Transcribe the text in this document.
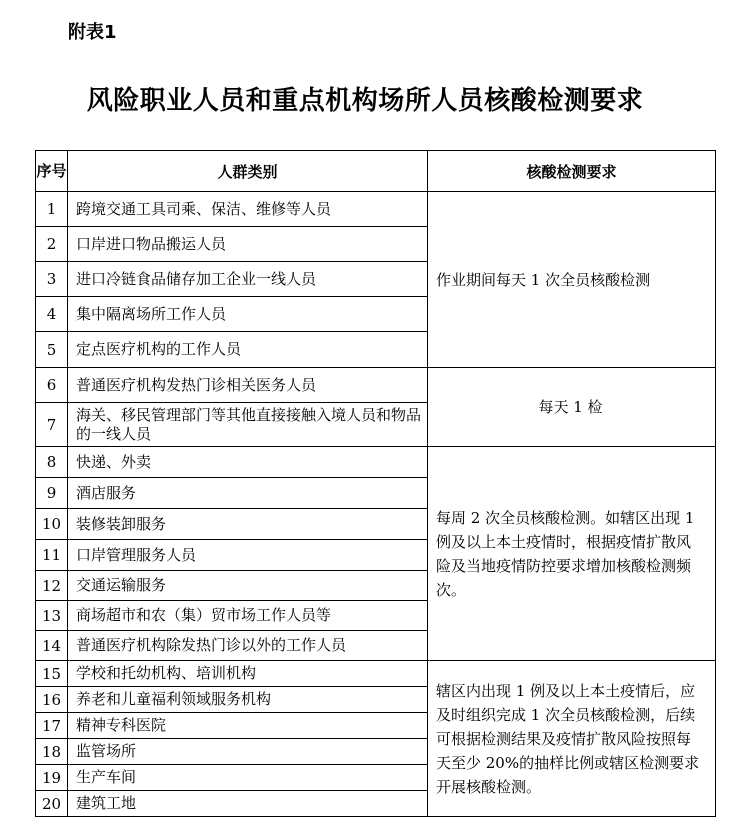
附表1
风险职业人员和重点机构场所人员核酸检测要求
序号	人群类别	核酸检测要求
1	跨境交通工具司乘、保洁、维修等人员	作业期间每天 1 次全员核酸检测
2	口岸进口物品搬运人员	
3	进口冷链食品储存加工企业一线人员	
4	集中隔离场所工作人员	
5	定点医疗机构的工作人员	
6	普通医疗机构发热门诊相关医务人员	每天 1 检
7	海关、移民管理部门等其他直接接触入境人员和物品的一线人员	
8	快递、外卖	每周 2 次全员核酸检测。如辖区出现 1 例及以上本土疫情时，根据疫情扩散风险及当地疫情防控要求增加核酸检测频次。
9	酒店服务	
10	装修装卸服务	
11	口岸管理服务人员	
12	交通运输服务	
13	商场超市和农（集）贸市场工作人员等	
14	普通医疗机构除发热门诊以外的工作人员	
15	学校和托幼机构、培训机构	辖区内出现 1 例及以上本土疫情后，应及时组织完成 1 次全员核酸检测，后续可根据检测结果及疫情扩散风险按照每天至少 20%的抽样比例或辖区检测要求开展核酸检测。
16	养老和儿童福利领域服务机构	
17	精神专科医院	
18	监管场所	
19	生产车间	
20	建筑工地	
